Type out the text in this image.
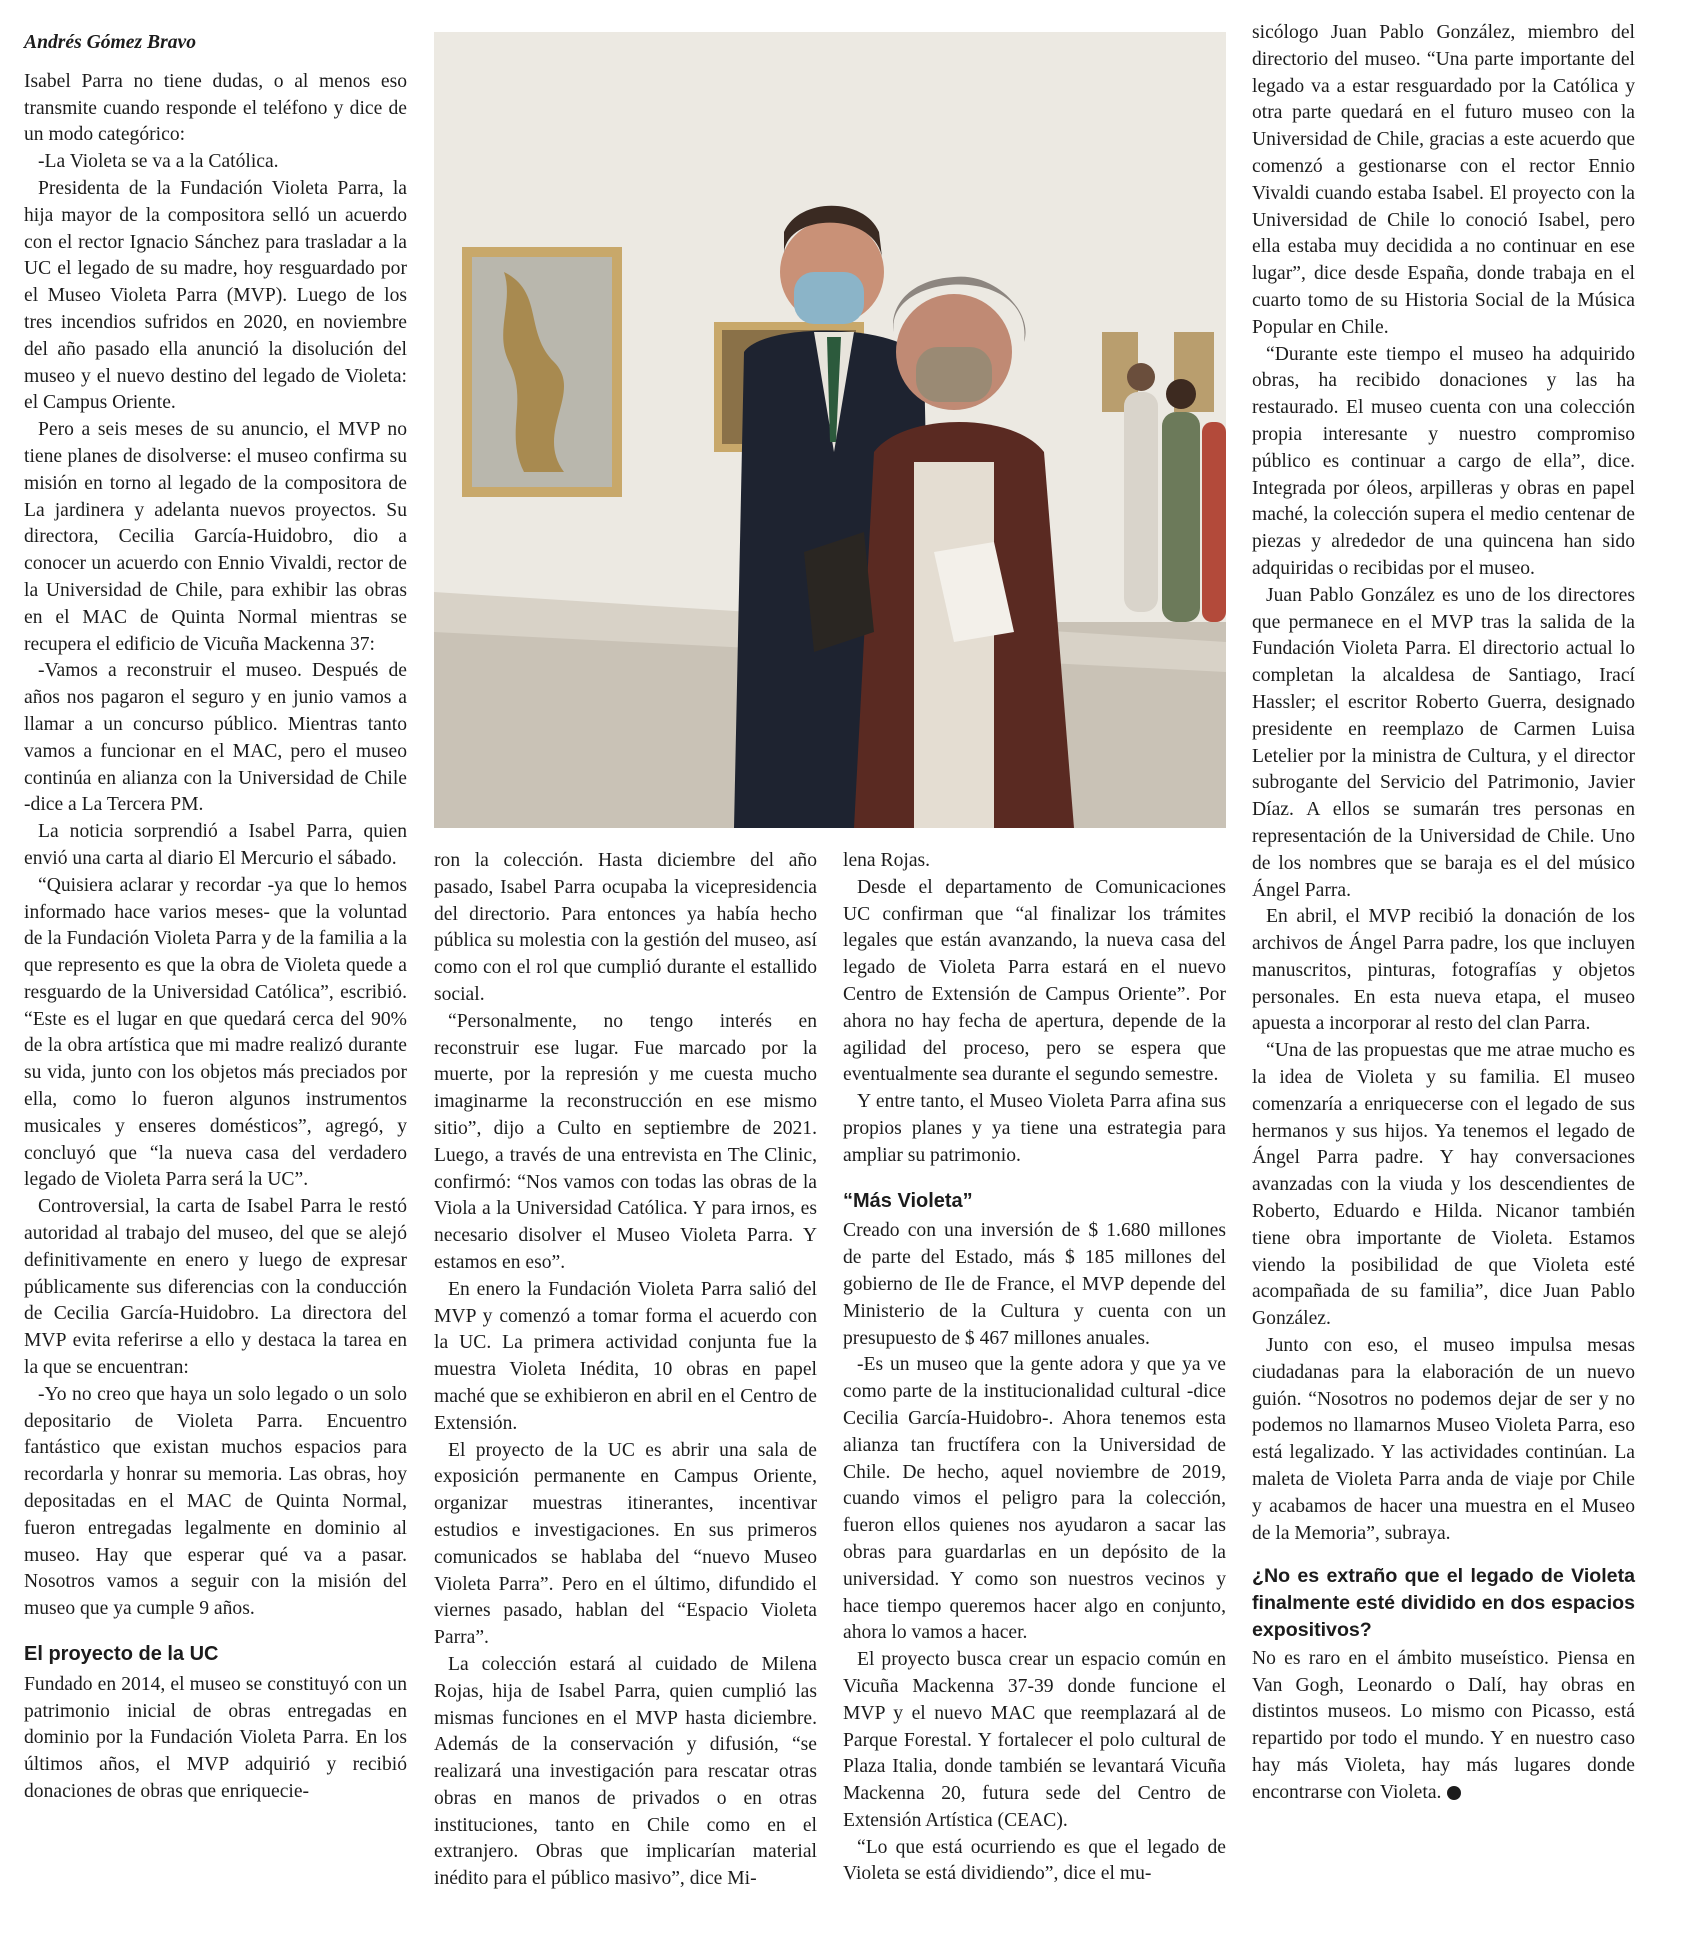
Andrés Gómez Bravo

Isabel Parra no tiene dudas, o al menos eso transmite cuando responde el teléfono y dice de un modo categórico:

-La Violeta se va a la Católica.

Presidenta de la Fundación Violeta Parra, la hija mayor de la compositora selló un acuerdo con el rector Ignacio Sánchez para trasladar a la UC el legado de su madre, hoy resguardado por el Museo Violeta Parra (MVP). Luego de los tres incendios sufridos en 2020, en noviembre del año pasado ella anunció la disolución del museo y el nuevo destino del legado de Violeta: el Campus Oriente.

Pero a seis meses de su anuncio, el MVP no tiene planes de disolverse: el museo confirma su misión en torno al legado de la compositora de La jardinera y adelanta nuevos proyectos. Su directora, Cecilia García-Huidobro, dio a conocer un acuerdo con Ennio Vivaldi, rector de la Universidad de Chile, para exhibir las obras en el MAC de Quinta Normal mientras se recupera el edificio de Vicuña Mackenna 37:

-Vamos a reconstruir el museo. Después de años nos pagaron el seguro y en junio vamos a llamar a un concurso público. Mientras tanto vamos a funcionar en el MAC, pero el museo continúa en alianza con la Universidad de Chile -dice a La Tercera PM.

La noticia sorprendió a Isabel Parra, quien envió una carta al diario El Mercurio el sábado.

“Quisiera aclarar y recordar -ya que lo hemos informado hace varios meses- que la voluntad de la Fundación Violeta Parra y de la familia a la que represento es que la obra de Violeta quede a resguardo de la Universidad Católica”, escribió. “Este es el lugar en que quedará cerca del 90% de la obra artística que mi madre realizó durante su vida, junto con los objetos más preciados por ella, como lo fueron algunos instrumentos musicales y enseres domésticos”, agregó, y concluyó que “la nueva casa del verdadero legado de Violeta Parra será la UC”.

Controversial, la carta de Isabel Parra le restó autoridad al trabajo del museo, del que se alejó definitivamente en enero y luego de expresar públicamente sus diferencias con la conducción de Cecilia García-Huidobro. La directora del MVP evita referirse a ello y destaca la tarea en la que se encuentran:

-Yo no creo que haya un solo legado o un solo depositario de Violeta Parra. Encuentro fantástico que existan muchos espacios para recordarla y honrar su memoria. Las obras, hoy depositadas en el MAC de Quinta Normal, fueron entregadas legalmente en dominio al museo. Hay que esperar qué va a pasar. Nosotros vamos a seguir con la misión del museo que ya cumple 9 años.

El proyecto de la UC

Fundado en 2014, el museo se constituyó con un patrimonio inicial de obras entregadas en dominio por la Fundación Violeta Parra. En los últimos años, el MVP adquirió y recibió donaciones de obras que enriquecie-

ron la colección. Hasta diciembre del año pasado, Isabel Parra ocupaba la vicepresidencia del directorio. Para entonces ya había hecho pública su molestia con la gestión del museo, así como con el rol que cumplió durante el estallido social.

“Personalmente, no tengo interés en reconstruir ese lugar. Fue marcado por la muerte, por la represión y me cuesta mucho imaginarme la reconstrucción en ese mismo sitio”, dijo a Culto en septiembre de 2021. Luego, a través de una entrevista en The Clinic, confirmó: “Nos vamos con todas las obras de la Viola a la Universidad Católica. Y para irnos, es necesario disolver el Museo Violeta Parra. Y estamos en eso”.

En enero la Fundación Violeta Parra salió del MVP y comenzó a tomar forma el acuerdo con la UC. La primera actividad conjunta fue la muestra Violeta Inédita, 10 obras en papel maché que se exhibieron en abril en el Centro de Extensión.

El proyecto de la UC es abrir una sala de exposición permanente en Campus Oriente, organizar muestras itinerantes, incentivar estudios e investigaciones. En sus primeros comunicados se hablaba del “nuevo Museo Violeta Parra”. Pero en el último, difundido el viernes pasado, hablan del “Espacio Violeta Parra”.

La colección estará al cuidado de Milena Rojas, hija de Isabel Parra, quien cumplió las mismas funciones en el MVP hasta diciembre. Además de la conservación y difusión, “se realizará una investigación para rescatar otras obras en manos de privados o en otras instituciones, tanto en Chile como en el extranjero. Obras que implicarían material inédito para el público masivo”, dice Mi-

lena Rojas.

Desde el departamento de Comunicaciones UC confirman que “al finalizar los trámites legales que están avanzando, la nueva casa del legado de Violeta Parra estará en el nuevo Centro de Extensión de Campus Oriente”. Por ahora no hay fecha de apertura, depende de la agilidad del proceso, pero se espera que eventualmente sea durante el segundo semestre.

Y entre tanto, el Museo Violeta Parra afina sus propios planes y ya tiene una estrategia para ampliar su patrimonio.

“Más Violeta”

Creado con una inversión de $ 1.680 millones de parte del Estado, más $ 185 millones del gobierno de Ile de France, el MVP depende del Ministerio de la Cultura y cuenta con un presupuesto de $ 467 millones anuales.

-Es un museo que la gente adora y que ya ve como parte de la institucionalidad cultural -dice Cecilia García-Huidobro-. Ahora tenemos esta alianza tan fructífera con la Universidad de Chile. De hecho, aquel noviembre de 2019, cuando vimos el peligro para la colección, fueron ellos quienes nos ayudaron a sacar las obras para guardarlas en un depósito de la universidad. Y como son nuestros vecinos y hace tiempo queremos hacer algo en conjunto, ahora lo vamos a hacer.

El proyecto busca crear un espacio común en Vicuña Mackenna 37-39 donde funcione el MVP y el nuevo MAC que reemplazará al de Parque Forestal. Y fortalecer el polo cultural de Plaza Italia, donde también se levantará Vicuña Mackenna 20, futura sede del Centro de Extensión Artística (CEAC).

“Lo que está ocurriendo es que el legado de Violeta se está dividiendo”, dice el mu-

sicólogo Juan Pablo González, miembro del directorio del museo. “Una parte importante del legado va a estar resguardado por la Católica y otra parte quedará en el futuro museo con la Universidad de Chile, gracias a este acuerdo que comenzó a gestionarse con el rector Ennio Vivaldi cuando estaba Isabel. El proyecto con la Universidad de Chile lo conoció Isabel, pero ella estaba muy decidida a no continuar en ese lugar”, dice desde España, donde trabaja en el cuarto tomo de su Historia Social de la Música Popular en Chile.

“Durante este tiempo el museo ha adquirido obras, ha recibido donaciones y las ha restaurado. El museo cuenta con una colección propia interesante y nuestro compromiso público es continuar a cargo de ella”, dice. Integrada por óleos, arpilleras y obras en papel maché, la colección supera el medio centenar de piezas y alrededor de una quincena han sido adquiridas o recibidas por el museo.

Juan Pablo González es uno de los directores que permanece en el MVP tras la salida de la Fundación Violeta Parra. El directorio actual lo completan la alcaldesa de Santiago, Irací Hassler; el escritor Roberto Guerra, designado presidente en reemplazo de Carmen Luisa Letelier por la ministra de Cultura, y el director subrogante del Servicio del Patrimonio, Javier Díaz. A ellos se sumarán tres personas en representación de la Universidad de Chile. Uno de los nombres que se baraja es el del músico Ángel Parra.

En abril, el MVP recibió la donación de los archivos de Ángel Parra padre, los que incluyen manuscritos, pinturas, fotografías y objetos personales. En esta nueva etapa, el museo apuesta a incorporar al resto del clan Parra.

“Una de las propuestas que me atrae mucho es la idea de Violeta y su familia. El museo comenzaría a enriquecerse con el legado de sus hermanos y sus hijos. Ya tenemos el legado de Ángel Parra padre. Y hay conversaciones avanzadas con la viuda y los descendientes de Roberto, Eduardo e Hilda. Nicanor también tiene obra importante de Violeta. Estamos viendo la posibilidad de que Violeta esté acompañada de su familia”, dice Juan Pablo González.

Junto con eso, el museo impulsa mesas ciudadanas para la elaboración de un nuevo guión. “Nosotros no podemos dejar de ser y no podemos no llamarnos Museo Violeta Parra, eso está legalizado. Y las actividades continúan. La maleta de Violeta Parra anda de viaje por Chile y acabamos de hacer una muestra en el Museo de la Memoria”, subraya.

¿No es extraño que el legado de Violeta finalmente esté dividido en dos espacios expositivos?

No es raro en el ámbito museístico. Piensa en Van Gogh, Leonardo o Dalí, hay obras en distintos museos. Lo mismo con Picasso, está repartido por todo el mundo. Y en nuestro caso hay más Violeta, hay más lugares donde encontrarse con Violeta.
